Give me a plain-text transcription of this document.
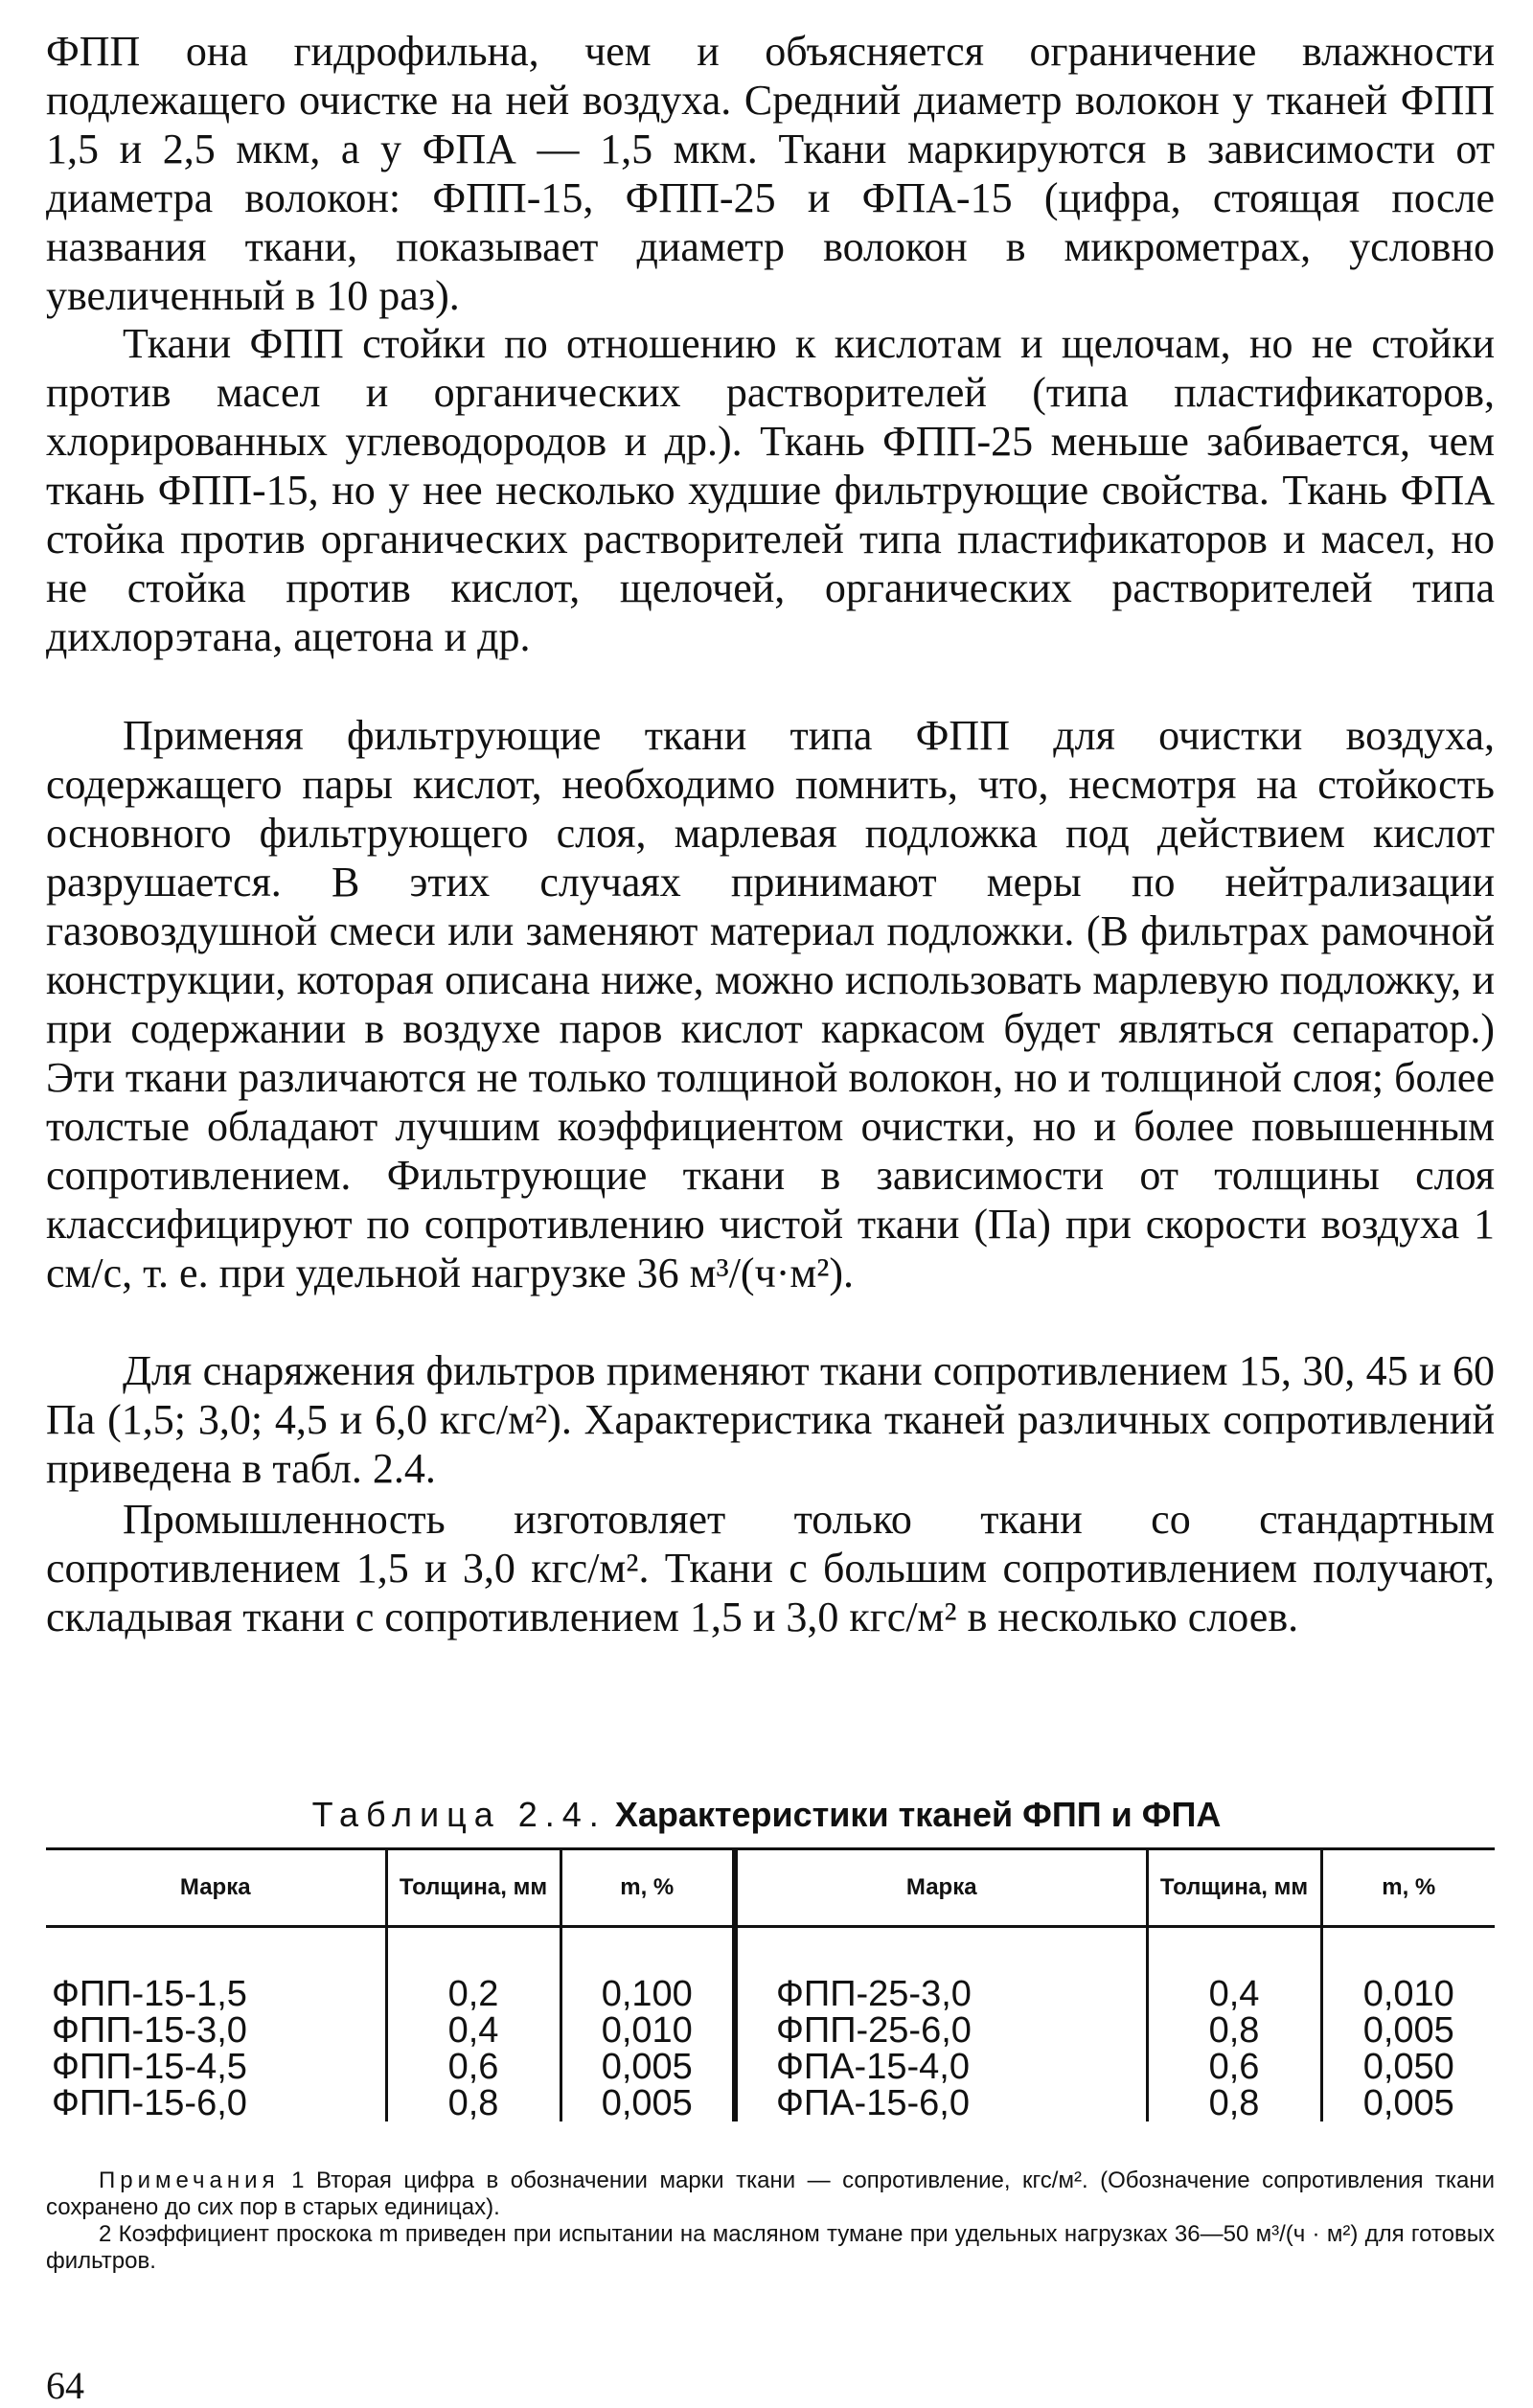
ФПП она гидрофильна, чем и объясняется ограничение влажности подлежащего очистке на ней воздуха. Средний диаметр волокон у тканей ФПП 1,5 и 2,5 мкм, а у ФПА — 1,5 мкм. Ткани маркируются в зависимости от диаметра волокон: ФПП-15, ФПП-25 и ФПА-15 (цифра, стоящая после названия ткани, показывает диаметр волокон в микрометрах, условно увеличенный в 10 раз).

Ткани ФПП стойки по отношению к кислотам и щелочам, но не стойки против масел и органических растворителей (типа пластификаторов, хлорированных углеводородов и др.). Ткань ФПП-25 меньше забивается, чем ткань ФПП-15, но у нее несколько худшие фильтрующие свойства. Ткань ФПА стойка против органических растворителей типа пластификаторов и масел, но не стойка против кислот, щелочей, органических растворителей типа дихлорэтана, ацетона и др.

Применяя фильтрующие ткани типа ФПП для очистки воздуха, содержащего пары кислот, необходимо помнить, что, несмотря на стойкость основного фильтрующего слоя, марлевая подложка под действием кислот разрушается. В этих случаях принимают меры по нейтрализации газовоздушной смеси или заменяют материал подложки. (В фильтрах рамочной конструкции, которая описана ниже, можно использовать марлевую подложку, и при содержании в воздухе паров кислот каркасом будет являться сепаратор.) Эти ткани различаются не только толщиной волокон, но и толщиной слоя; более толстые обладают лучшим коэффициентом очистки, но и более повышенным сопротивлением. Фильтрующие ткани в зависимости от толщины слоя классифицируют по сопротивлению чистой ткани (Па) при скорости воздуха 1 см/с, т. е. при удельной нагрузке 36 м³/(ч·м²).

Для снаряжения фильтров применяют ткани сопротивлением 15, 30, 45 и 60 Па (1,5; 3,0; 4,5 и 6,0 кгс/м²). Характеристика тканей различных сопротивлений приведена в табл. 2.4.

Промышленность изготовляет только ткани со стандартным сопротивлением 1,5 и 3,0 кгс/м². Ткани с большим сопротивлением получают, складывая ткани с сопротивлением 1,5 и 3,0 кгс/м² в несколько слоев.

Таблица 2.4. Характеристики тканей ФПП и ФПА

Марка	Толщина, мм	m, %	Марка	Толщина, мм	m, %
ФПП-15-1,5	0,2	0,100	ФПП-25-3,0	0,4	0,010
ФПП-15-3,0	0,4	0,010	ФПП-25-6,0	0,8	0,005
ФПП-15-4,5	0,6	0,005	ФПА-15-4,0	0,6	0,050
ФПП-15-6,0	0,8	0,005	ФПА-15-6,0	0,8	0,005

Примечания 1 Вторая цифра в обозначении марки ткани — сопротивление, кгс/м². (Обозначение сопротивления ткани сохранено до сих пор в старых единицах).

2 Коэффициент проскока m приведен при испытании на масляном тумане при удельных нагрузках 36—50 м³/(ч · м²) для готовых фильтров.

64
